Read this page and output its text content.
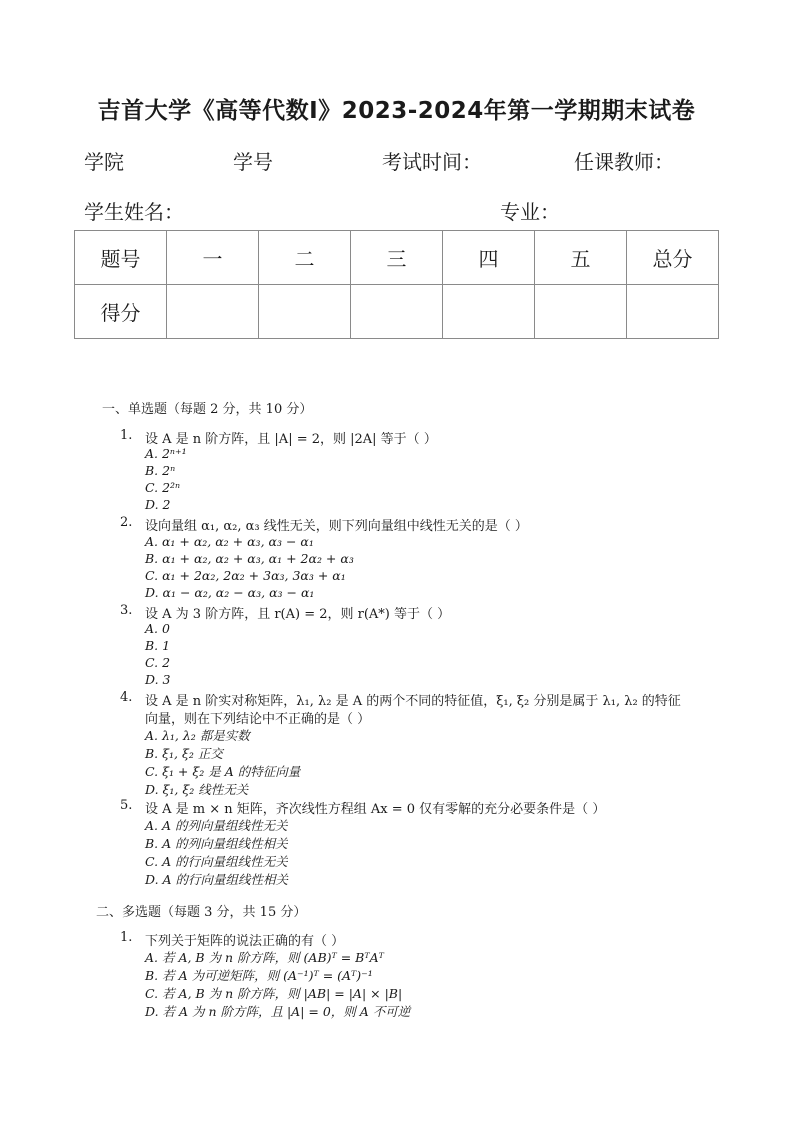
吉首大学《高等代数I》2023-2024年第一学期期末试卷
学院	学号	考试时间：	任课教师：
学生姓名：	专业：
题号	一	二	三	四	五	总分
得分						
一、单选题（每题 2 分，共 10 分）
1. 设 A 是 n 阶方阵，且 |A| = 2，则 |2A| 等于（ ）
A. 2ⁿ⁺¹
B. 2ⁿ
C. 2²ⁿ
D. 2
2. 设向量组 α₁, α₂, α₃ 线性无关，则下列向量组中线性无关的是（ ）
A. α₁ + α₂, α₂ + α₃, α₃ − α₁
B. α₁ + α₂, α₂ + α₃, α₁ + 2α₂ + α₃
C. α₁ + 2α₂, 2α₂ + 3α₃, 3α₃ + α₁
D. α₁ − α₂, α₂ − α₃, α₃ − α₁
3. 设 A 为 3 阶方阵，且 r(A) = 2，则 r(A*) 等于（ ）
A. 0
B. 1
C. 2
D. 3
4. 设 A 是 n 阶实对称矩阵，λ₁, λ₂ 是 A 的两个不同的特征值，ξ₁, ξ₂ 分别是属于 λ₁, λ₂ 的特征
向量，则在下列结论中不正确的是（ ）
A. λ₁, λ₂ 都是实数
B. ξ₁, ξ₂ 正交
C. ξ₁ + ξ₂ 是 A 的特征向量
D. ξ₁, ξ₂ 线性无关
5. 设 A 是 m × n 矩阵，齐次线性方程组 Ax = 0 仅有零解的充分必要条件是（ ）
A. A 的列向量组线性无关
B. A 的列向量组线性相关
C. A 的行向量组线性无关
D. A 的行向量组线性相关
二、多选题（每题 3 分，共 15 分）
1. 下列关于矩阵的说法正确的有（ ）
A. 若 A, B 为 n 阶方阵，则 (AB)ᵀ = BᵀAᵀ
B. 若 A 为可逆矩阵，则 (A⁻¹)ᵀ = (Aᵀ)⁻¹
C. 若 A, B 为 n 阶方阵，则 |AB| = |A| × |B|
D. 若 A 为 n 阶方阵，且 |A| = 0，则 A 不可逆
